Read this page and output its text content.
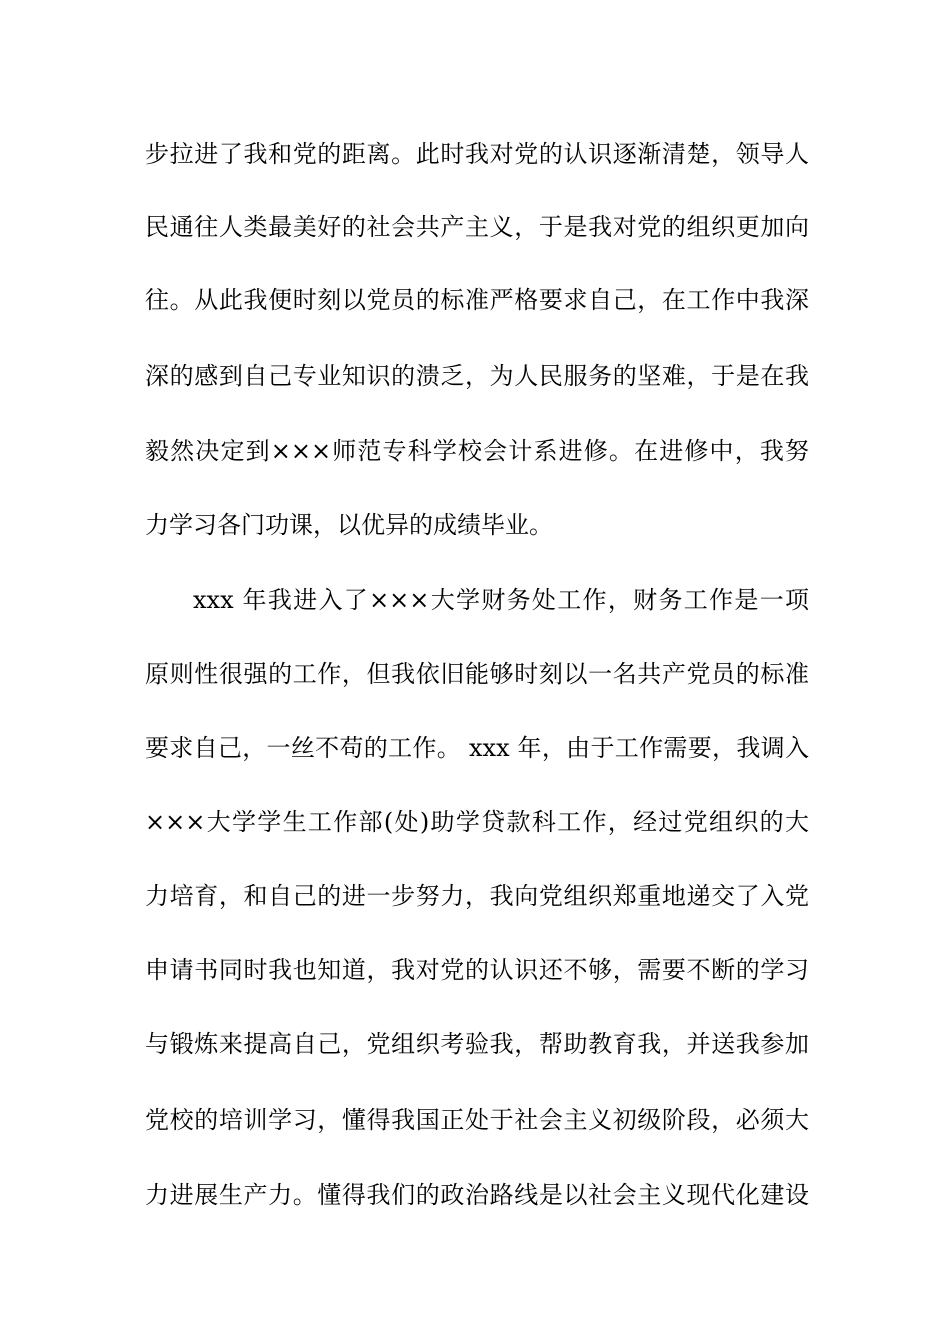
步拉进了我和党的距离。此时我对党的认识逐渐清楚，领导人
民通往人类最美好的社会共产主义，于是我对党的组织更加向
往。从此我便时刻以党员的标准严格要求自己，在工作中我深
深的感到自己专业知识的溃乏，为人民服务的坚难，于是在我
毅然决定到×××师范专科学校会计系进修。在进修中，我努
力学习各门功课，以优异的成绩毕业。
xxx 年我进入了×××大学财务处工作，财务工作是一项
原则性很强的工作，但我依旧能够时刻以一名共产党员的标准
要求自己，一丝不苟的工作。 xxx 年，由于工作需要，我调入
×××大学学生工作部(处)助学贷款科工作，经过党组织的大
力培育，和自己的进一步努力，我向党组织郑重地递交了入党
申请书同时我也知道，我对党的认识还不够，需要不断的学习
与锻炼来提高自己，党组织考验我，帮助教育我，并送我参加
党校的培训学习，懂得我国正处于社会主义初级阶段，必须大
力进展生产力。懂得我们的政治路线是以社会主义现代化建设
